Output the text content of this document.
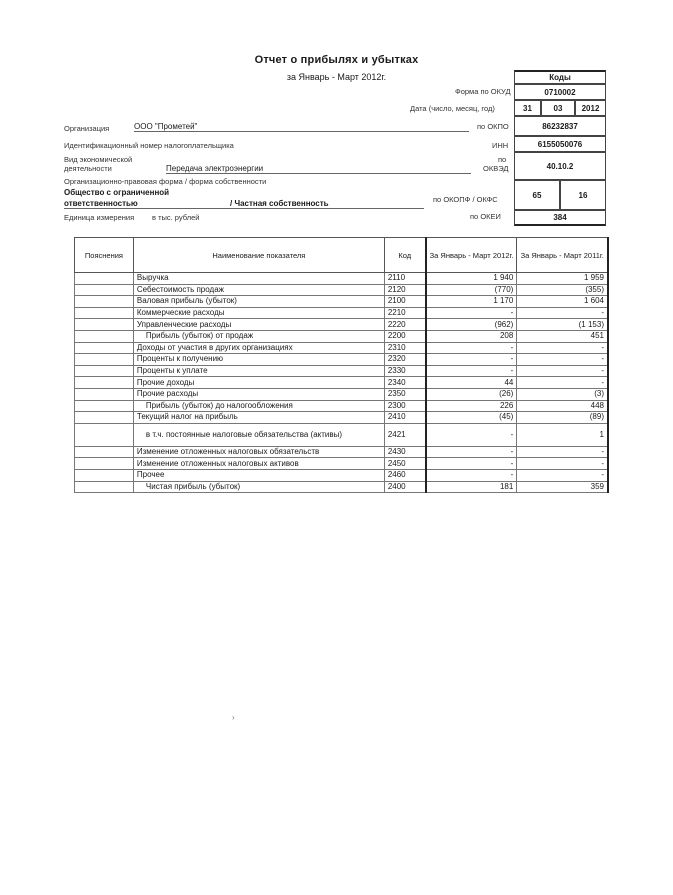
Отчет о прибылях и убытках
за Январь - Март 2012г.	Коды
Форма по ОКУД	0710002
Дата (число, месяц, год)	31	03	2012
по ОКПО	86232837
ИНН	6155050076
по
ОКВЭД	40.10.2
по ОКОПФ / ОКФС	65	16
по ОКЕИ	384
Организация	ООО "Прометей"
Идентификационный номер налогоплательщика
Вид экономической
деятельности	Передача электроэнергии
Организационно-правовая форма / форма собственности
Общество с ограниченной
ответственностью	/ Частная собственность
Единица измерения в тыс. рублей
Пояснения	Наименование показателя	Код	За Январь - Март 2012г.	За Январь - Март 2011г.
	Выручка	2110	1 940	1 959
	Себестоимость продаж	2120	(770)	(355)
	Валовая прибыль (убыток)	2100	1 170	1 604
	Коммерческие расходы	2210	-	-
	Управленческие расходы	2220	(962)	(1 153)
	Прибыль (убыток) от продаж	2200	208	451
	Доходы от участия в других организациях	2310	-	-
	Проценты к получению	2320	-	-
	Проценты к уплате	2330	-	-
	Прочие доходы	2340	44	-
	Прочие расходы	2350	(26)	(3)
	Прибыль (убыток) до налогообложения	2300	226	448
	Текущий налог на прибыль	2410	(45)	(89)
	в т.ч. постоянные налоговые обязательства (активы)	2421	-	1
	Изменение отложенных налоговых обязательств	2430	-	-
	Изменение отложенных налоговых активов	2450	-	-
	Прочее	2460	-	-
	Чистая прибыль (убыток)	2400	181	359
›
